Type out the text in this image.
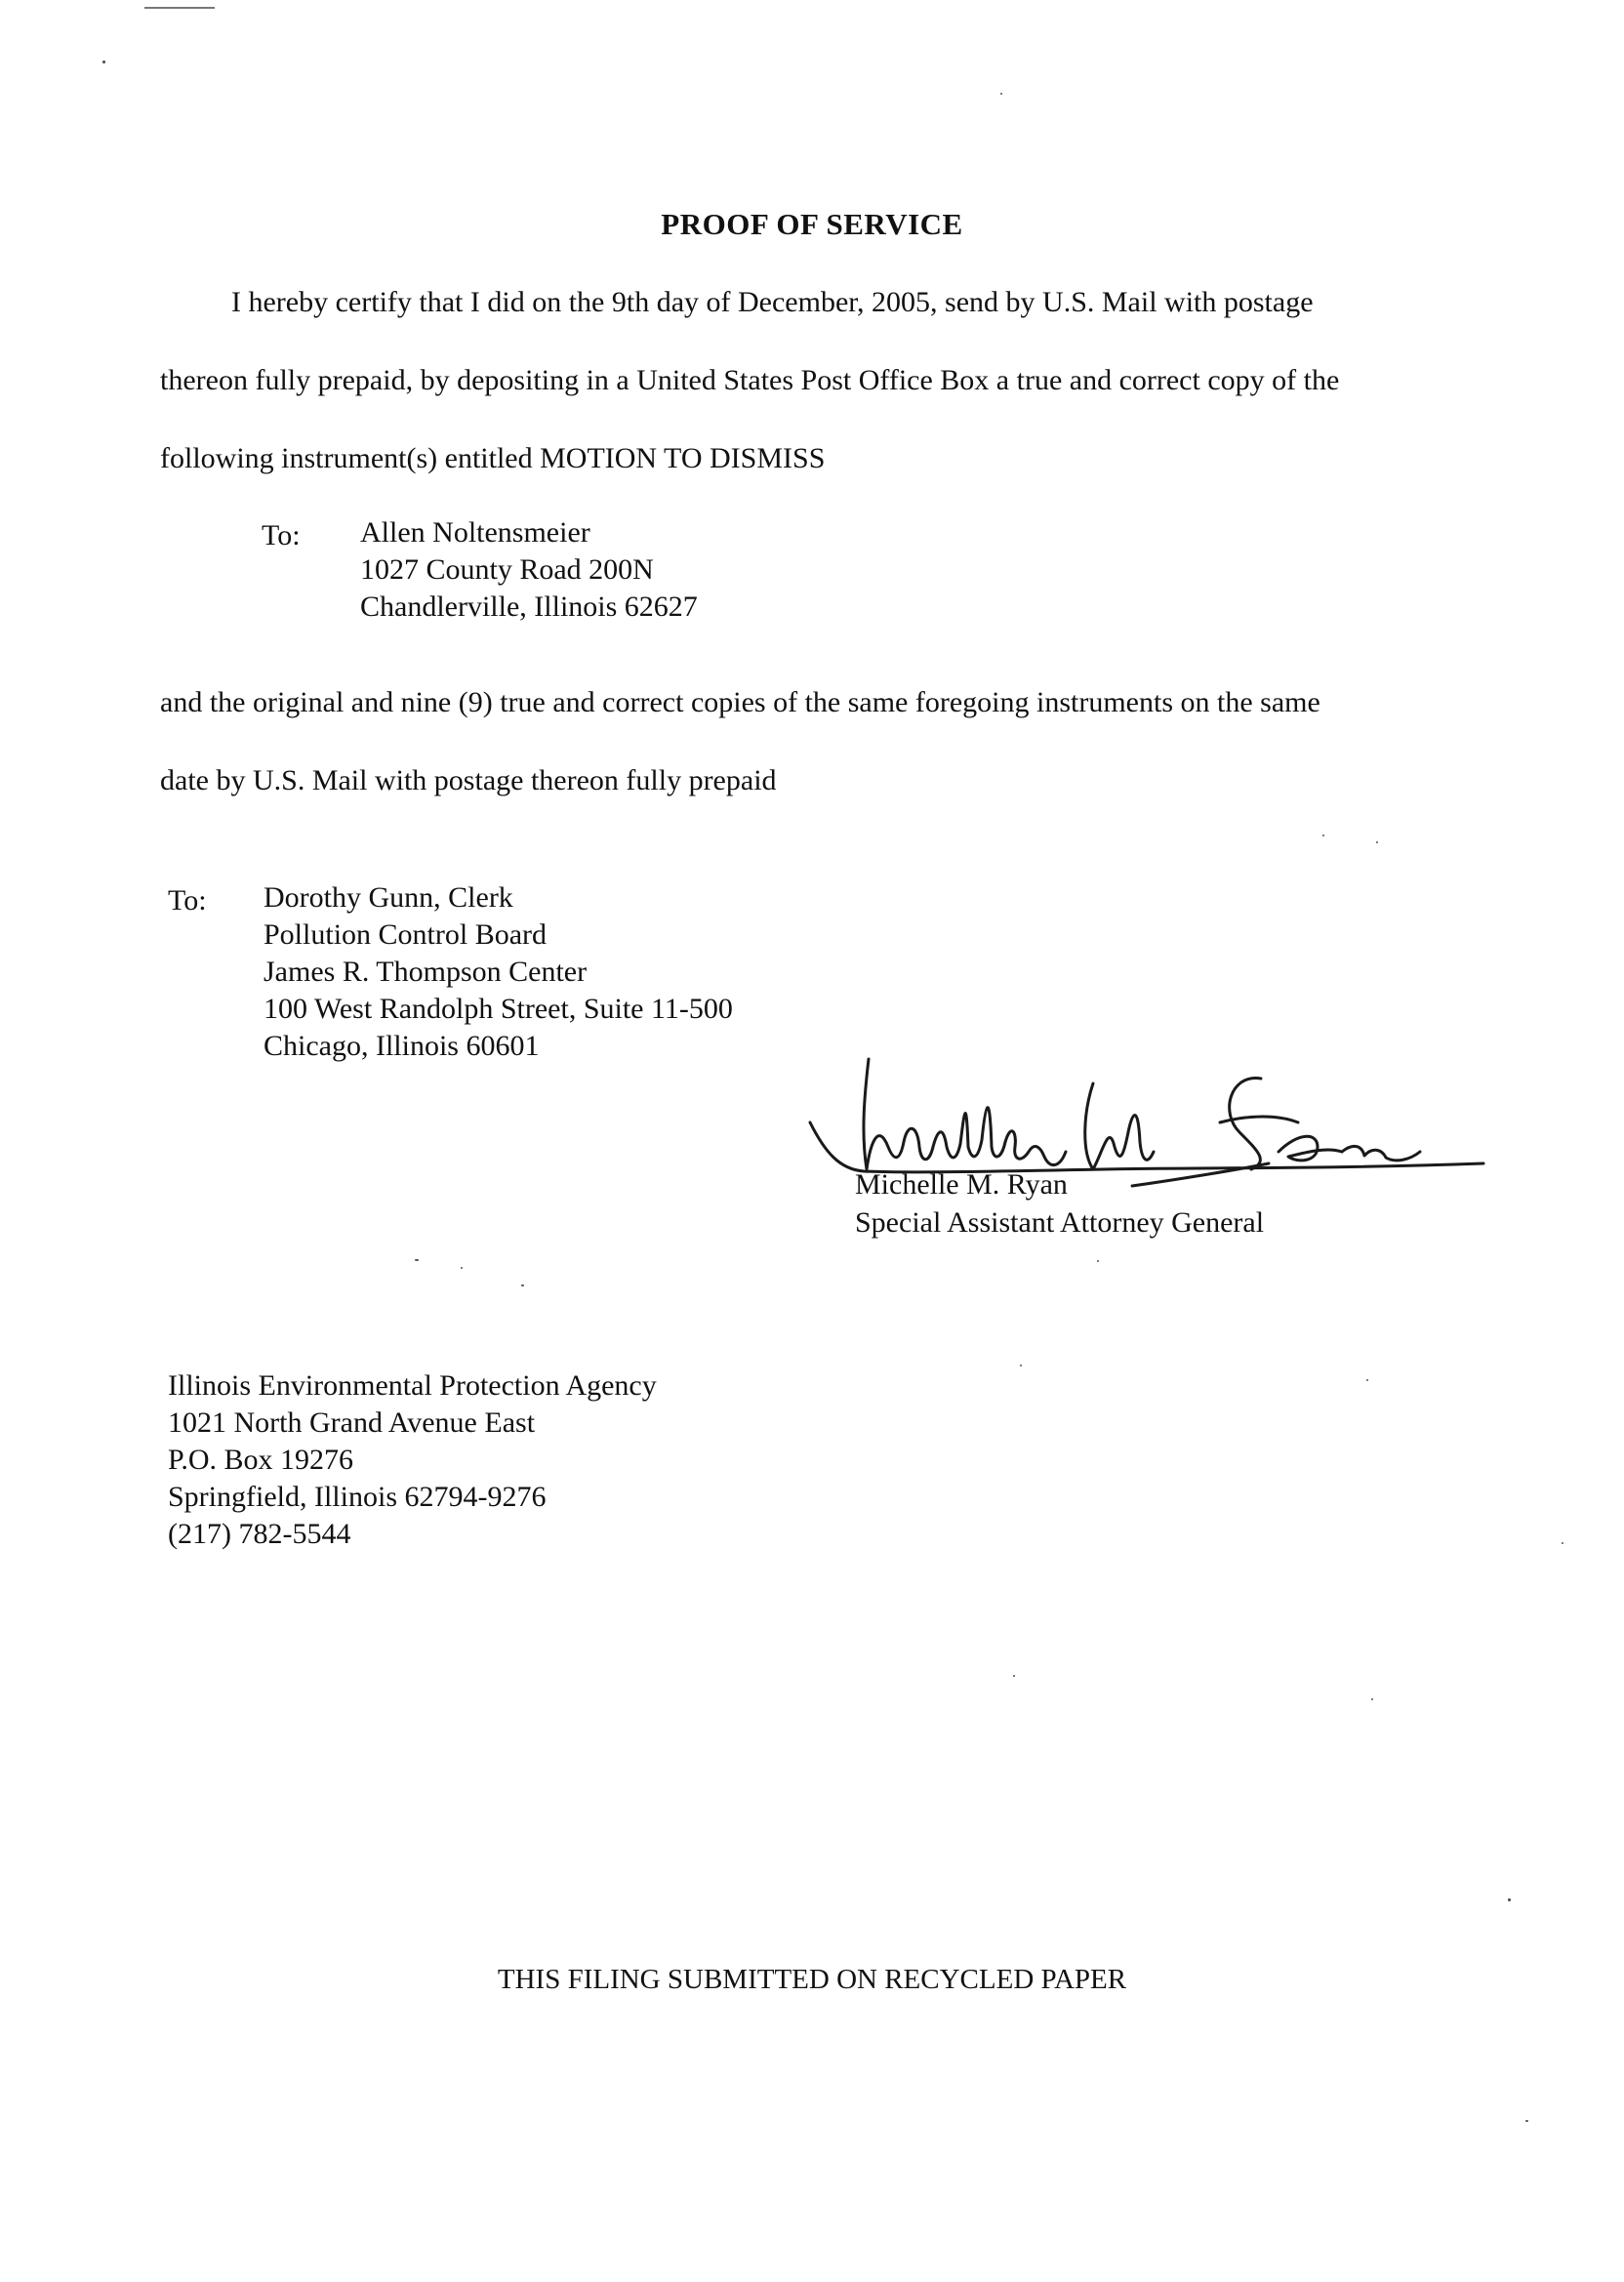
PROOF OF SERVICE
I hereby certify that I did on the 9th day of December, 2005, send by U.S. Mail with postage
thereon fully prepaid, by depositing in a United States Post Office Box a true and correct copy of the
following instrument(s) entitled MOTION TO DISMISS
To: Allen Noltensmeier
1027 County Road 200N
Chandlerville, Illinois 62627
and the original and nine (9) true and correct copies of the same foregoing instruments on the same
date by U.S. Mail with postage thereon fully prepaid
To: Dorothy Gunn, Clerk
Pollution Control Board
James R. Thompson Center
100 West Randolph Street, Suite 11-500
Chicago, Illinois 60601
Michelle M. Ryan
Special Assistant Attorney General
Illinois Environmental Protection Agency
1021 North Grand Avenue East
P.O. Box 19276
Springfield, Illinois 62794-9276
(217) 782-5544
THIS FILING SUBMITTED ON RECYCLED PAPER
